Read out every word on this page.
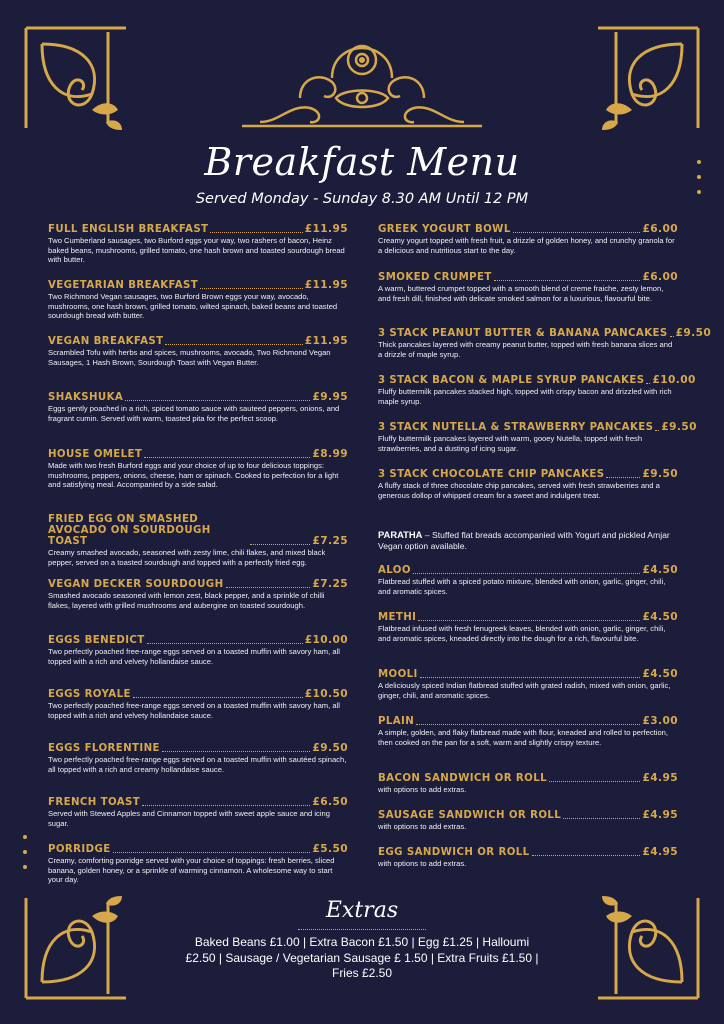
Breakfast Menu
Served Monday - Sunday 8.30 AM Until 12 PM
FULL ENGLISH BREAKFAST	£11.95
Two Cumberland sausages, two Burford eggs your way, two rashers of bacon, Heinz baked beans, mushrooms, grilled tomato, one hash brown and toasted sourdough bread with butter.
VEGETARIAN BREAKFAST	£11.95
Two Richmond Vegan sausages, two Burford Brown eggs your way, avocado, mushrooms, one hash brown, grilled tomato, wilted spinach, baked beans and toasted sourdough bread with butter.
VEGAN BREAKFAST	£11.95
Scrambled Tofu with herbs and spices, mushrooms, avocado, Two Richmond Vegan Sausages, 1 Hash Brown, Sourdough Toast with Vegan Butter.
SHAKSHUKA	£9.95
Eggs gently poached in a rich, spiced tomato sauce with sauteed peppers, onions, and fragrant cumin. Served with warm, toasted pita for the perfect scoop.
HOUSE OMELET	£8.99
Made with two fresh Burford eggs and your choice of up to four delicious toppings: mushrooms, peppers, onions, cheese, ham or spinach. Cooked to perfection for a light and satisfying meal. Accompanied by a side salad.
FRIED EGG ON SMASHED AVOCADO ON SOURDOUGH TOAST	£7.25
Creamy smashed avocado, seasoned with zesty lime, chili flakes, and mixed black pepper, served on a toasted sourdough and topped with a perfectly fried egg.
VEGAN DECKER SOURDOUGH	£7.25
Smashed avocado seasoned with lemon zest, black pepper, and a sprinkle of chilli flakes, layered with grilled mushrooms and aubergine on toasted sourdough.
EGGS BENEDICT	£10.00
Two perfectly poached free-range eggs served on a toasted muffin with savory ham, all topped with a rich and velvety hollandaise sauce.
EGGS ROYALE	£10.50
Two perfectly poached free-range eggs served on a toasted muffin with savory ham, all topped with a rich and velvety hollandaise sauce.
EGGS FLORENTINE	£9.50
Two perfectly poached free-range eggs served on a toasted muffin with sautéed spinach, all topped with a rich and creamy hollandaise sauce.
FRENCH TOAST	£6.50
Served with Stewed Apples and Cinnamon topped with sweet apple sauce and icing sugar.
PORRIDGE	£5.50
Creamy, comforting porridge served with your choice of toppings: fresh berries, sliced banana, golden honey, or a sprinkle of warming cinnamon. A wholesome way to start your day.
GREEK YOGURT BOWL	£6.00
Creamy yogurt topped with fresh fruit, a drizzle of golden honey, and crunchy granola for a delicious and nutritious start to the day.
SMOKED CRUMPET	£6.00
A warm, buttered crumpet topped with a smooth blend of creme fraiche, zesty lemon, and fresh dill, finished with delicate smoked salmon for a luxurious, flavourful bite.
3 STACK PEANUT BUTTER & BANANA PANCAKES £9.50
Thick pancakes layered with creamy peanut butter, topped with fresh banana slices and a drizzle of maple syrup.
3 STACK BACON & MAPLE SYRUP PANCAKES £10.00
Fluffy buttermilk pancakes stacked high, topped with crispy bacon and drizzled with rich maple syrup.
3 STACK NUTELLA & STRAWBERRY PANCAKES £9.50
Fluffy buttermilk pancakes layered with warm, gooey Nutella, topped with fresh strawberries, and a dusting of icing sugar.
3 STACK CHOCOLATE CHIP PANCAKES	£9.50
A fluffy stack of three chocolate chip pancakes, served with fresh strawberries and a generous dollop of whipped cream for a sweet and indulgent treat.
PARATHA – Stuffed flat breads accompanied with Yogurt and pickled Amjar Vegan option available.
ALOO	£4.50
Flatbread stuffed with a spiced potato mixture, blended with onion, garlic, ginger, chili, and aromatic spices.
METHI	£4.50
Flatbread infused with fresh fenugreek leaves, blended with onion, garlic, ginger, chili, and aromatic spices, kneaded directly into the dough for a rich, flavourful bite.
MOOLI	£4.50
A deliciously spiced Indian flatbread stuffed with grated radish, mixed with onion, garlic, ginger, chili, and aromatic spices.
PLAIN	£3.00
A simple, golden, and flaky flatbread made with flour, kneaded and rolled to perfection, then cooked on the pan for a soft, warm and slightly crispy texture.
BACON SANDWICH OR ROLL	£4.95
with options to add extras.
SAUSAGE SANDWICH OR ROLL	£4.95
with options to add extras.
EGG SANDWICH OR ROLL	£4.95
with options to add extras.
Extras
Baked Beans £1.00 | Extra Bacon £1.50 | Egg £1.25 | Halloumi £2.50 | Sausage / Vegetarian Sausage £ 1.50 | Extra Fruits £1.50 | Fries £2.50
